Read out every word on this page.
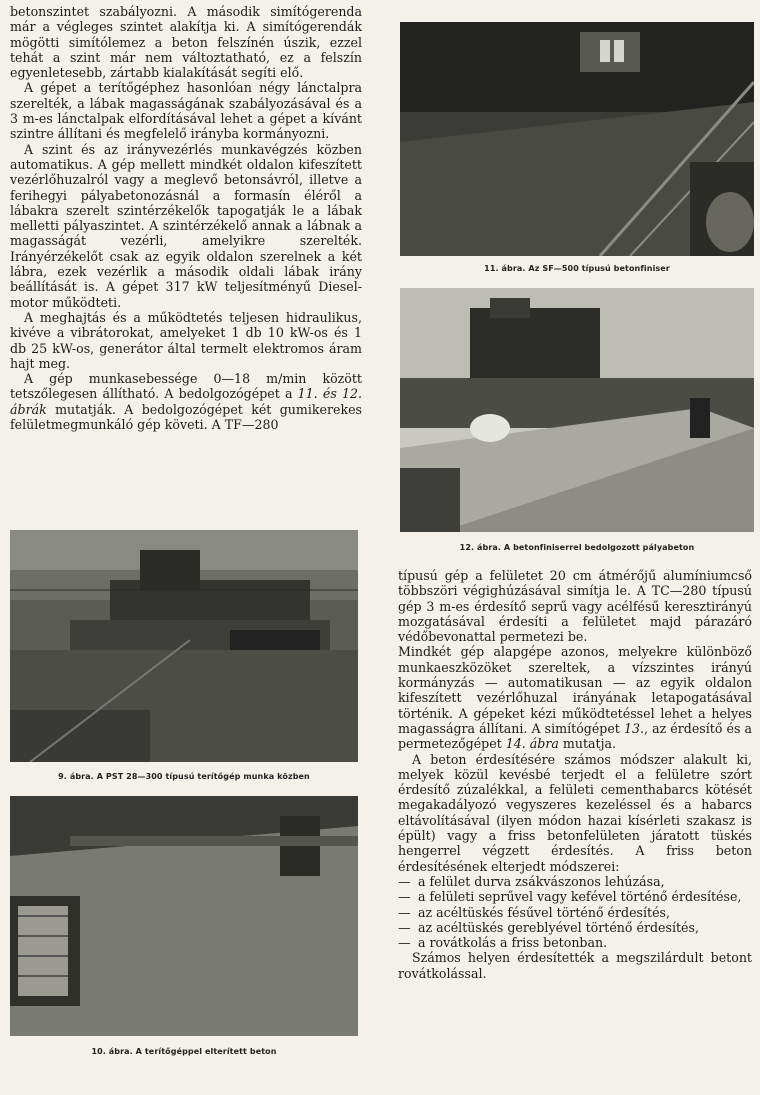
betonszintet szabályozni. A második simítógerenda már a végleges szintet alakítja ki. A simítógerendák mögötti simítólemez a beton felszínén úszik, ezzel tehát a szint már nem változtatható, ez a felszín egyenletesebb, zártabb kialakítását segíti elő.

A gépet a terítőgéphez hasonlóan négy lánctalpra szerelték, a lábak magasságának szabályozásával és a 3 m-es lánctalpak elfordításával lehet a gépet a kívánt szintre állítani és megfelelő irányba kormányozni.

A szint és az irányvezérlés munkavégzés közben automatikus. A gép mellett mindkét oldalon kifeszített vezérlőhuzalról vagy a meglevő betonsávról, illetve a ferihegyi pályabetonozásnál a formasín éléről a lábakra szerelt szintérzékelők tapogatják le a lábak melletti pályaszintet. A szintérzékelő annak a lábnak a magasságát vezérli, amelyikre szerelték. Irányérzékelőt csak az egyik oldalon szerelnek a két lábra, ezek vezérlik a második oldali lábak irány beállítását is. A gépet 317 kW teljesítményű Diesel-motor működteti.

A meghajtás és a működtetés teljesen hidraulikus, kivéve a vibrátorokat, amelyeket 1 db 10 kW-os és 1 db 25 kW-os, generátor által termelt elektromos áram hajt meg.

A gép munkasebessége 0—18 m/min között tetszőlegesen állítható. A bedolgozógépet a 11. és 12. ábrák mutatják. A bedolgozógépet két gumikerekes felületmegmunkáló gép követi. A TF—280

9. ábra. A PST 28—300 típusú terítőgép munka közben
10. ábra. A terítőgéppel elterített beton
11. ábra. Az SF—500 típusú betonfiniser
12. ábra. A betonfiniserrel bedolgozott pályabeton

típusú gép a felületet 20 cm átmérőjű alumíniumcső többszöri végighúzásával simítja le. A TC—280 típusú gép 3 m-es érdesítő seprű vagy acélfésű keresztirányú mozgatásával érdesíti a felületet majd párazáró védőbevonattal permetezi be.

Mindkét gép alapgépe azonos, melyekre különböző munkaeszközöket szereltek, a vízszintes irányú kormányzás — automatikusan — az egyik oldalon kifeszített vezérlőhuzal irányának letapogatásával történik. A gépeket kézi működtetéssel lehet a helyes magasságra állítani. A simítógépet 13., az érdesítő és a permetezőgépet 14. ábra mutatja.

A beton érdesítésére számos módszer alakult ki, melyek közül kevésbé terjedt el a felületre szórt érdesítő zúzalékkal, a felületi cementhabarcs kötését megakadályozó vegyszeres kezeléssel és a habarcs eltávolításával (ilyen módon hazai kísérleti szakasz is épült) vagy a friss betonfelületen járatott tüskés hengerrel végzett érdesítés. A friss beton érdesítésének elterjedt módszerei:

— a felület durva zsákvászonos lehúzása,

— a felületi seprűvel vagy kefével történő érdesítése,

— az acéltüskés fésűvel történő érdesítés,

— az acéltüskés gereblyével történő érdesítés,

— a rovátkolás a friss betonban.

Számos helyen érdesítették a megszilárdult betont rovátkolással.
